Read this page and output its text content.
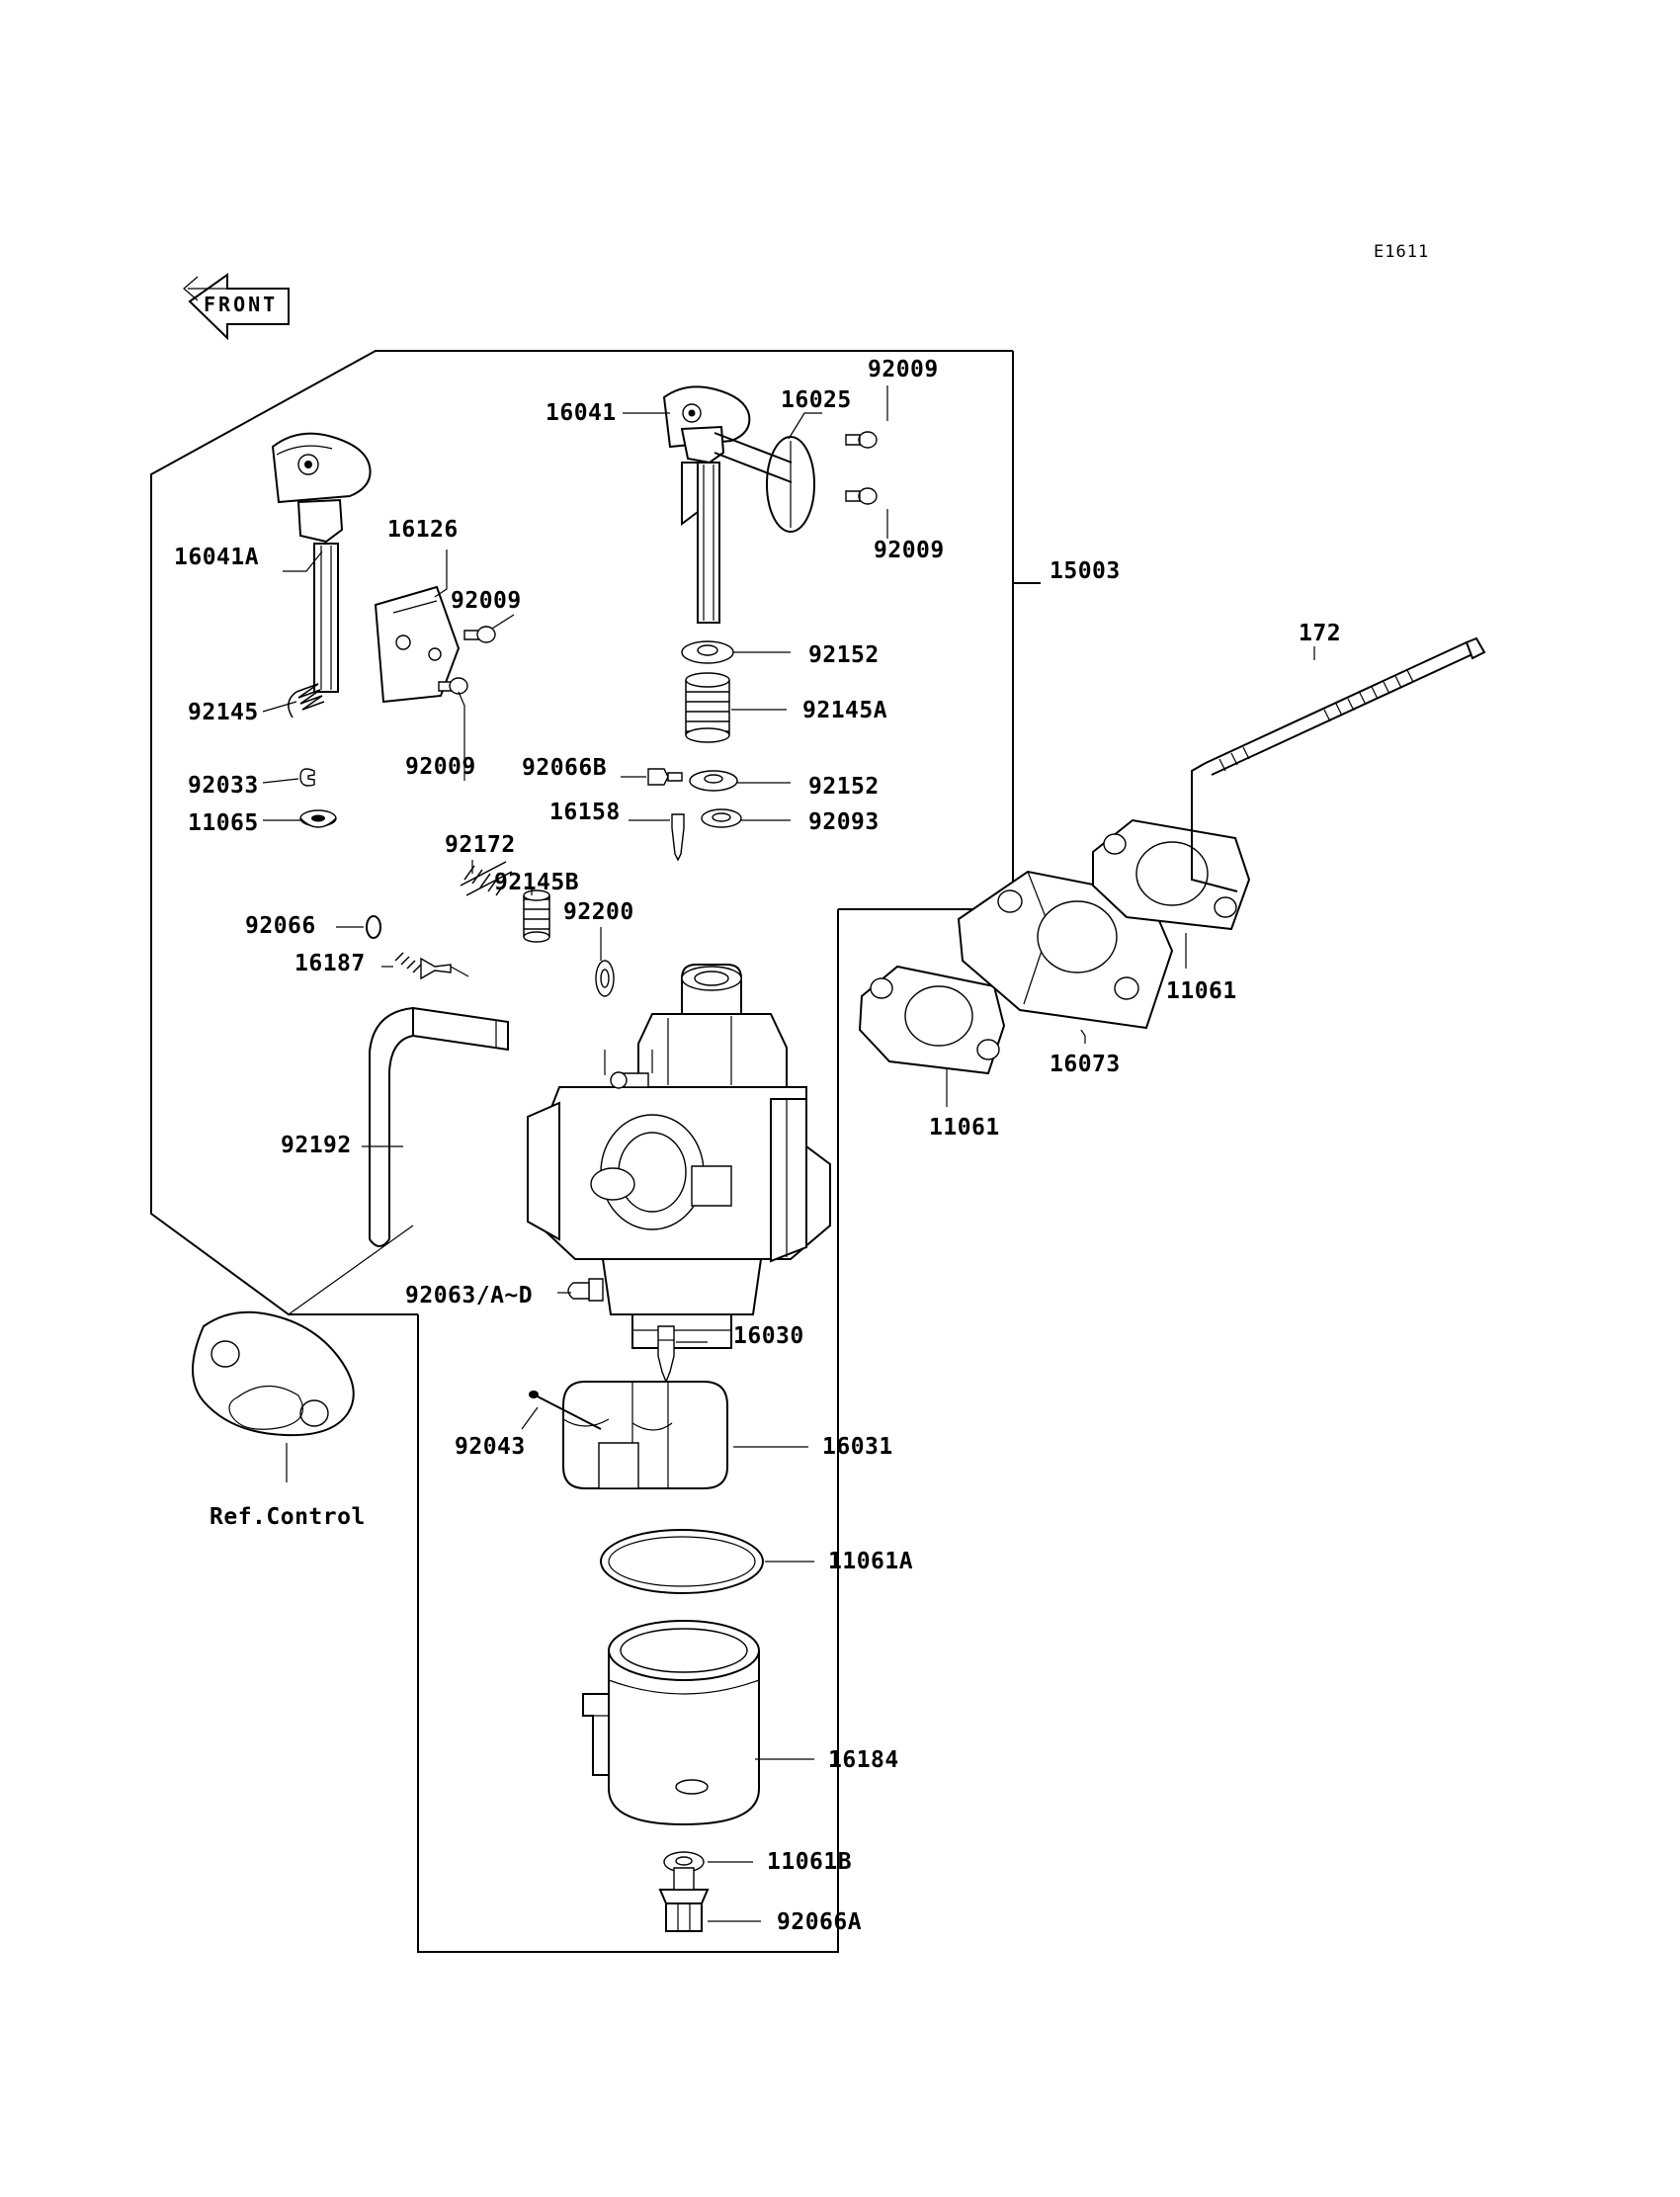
E1611
16041	16025
92009
92009
15003
16126
16041A
92009
172
92152
92145	92145A
92009 92066B
92033	92152
16158
11065	92093
92172
92145B
92200
92066
16187
11061
16073
11061
92192
92063/A~D
16030
92043	16031
Ref.Control
11061A
16184
11061B
92066A
FRONT
